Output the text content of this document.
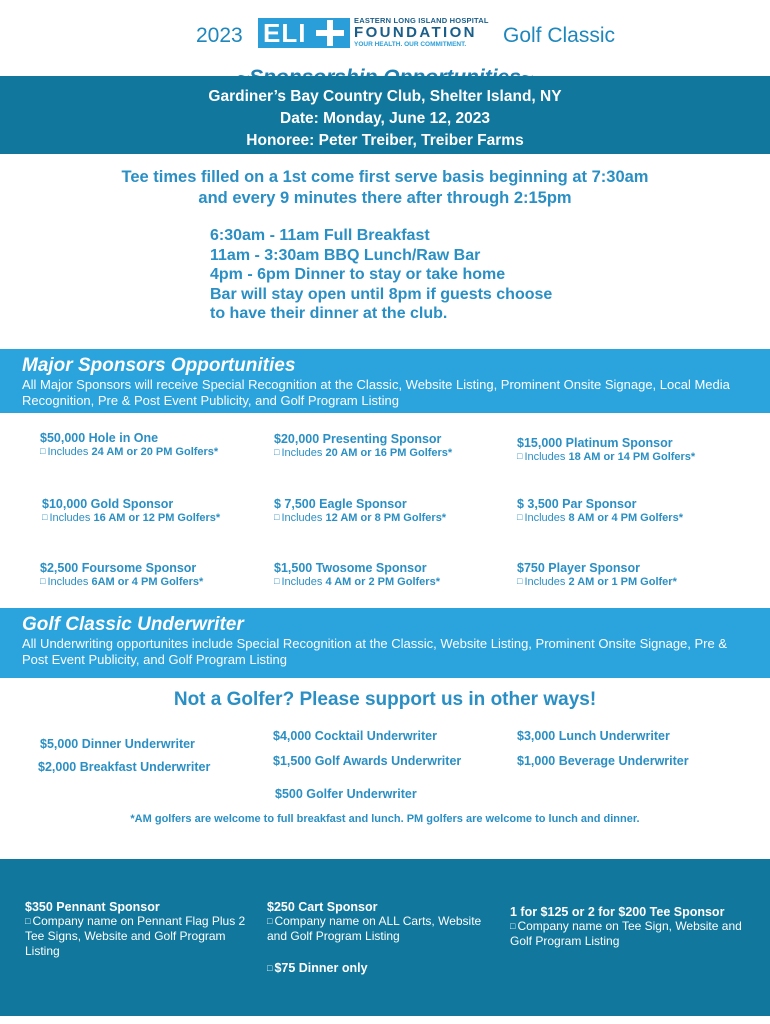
2023 ELI	EASTERN LONG ISLAND HOSPITAL
FOUNDATION
YOUR HEALTH. OUR COMMITMENT.	Golf Classic
Gardiner’s Bay Country Club, Shelter Island, NY
Date: Monday, June 12, 2023
Honoree: Peter Treiber, Treiber Farms
Tee times filled on a 1st come first serve basis beginning at 7:30am
and every 9 minutes there after through 2:15pm
6:30am - 11am Full Breakfast
11am - 3:30am BBQ Lunch/Raw Bar
4pm - 6pm Dinner to stay or take home
Bar will stay open until 8pm if guests choose
to have their dinner at the club.
Major Sponsors Opportunities
All Major Sponsors will receive Special Recognition at the Classic, Website Listing, Prominent Onsite Signage, Local Media Recognition, Pre & Post Event Publicity, and Golf Program Listing
$50,000 Hole in One
□ Includes 24 AM or 20 PM Golfers*
$20,000 Presenting Sponsor
□ Includes 20 AM or 16 PM Golfers*
$15,000 Platinum Sponsor
□ Includes 18 AM or 14 PM Golfers*
$10,000 Gold Sponsor
□ Includes 16 AM or 12 PM Golfers*
$ 7,500 Eagle Sponsor
□ Includes 12 AM or 8 PM Golfers*
$ 3,500 Par Sponsor
□ Includes 8 AM or 4 PM Golfers*
$2,500 Foursome Sponsor
□ Includes 6AM or 4 PM Golfers*
$1,500 Twosome Sponsor
□ Includes 4 AM or 2 PM Golfers*
$750 Player Sponsor
□ Includes 2 AM or 1 PM Golfer*
Golf Classic Underwriter
All Underwriting opportunites include Special Recognition at the Classic, Website Listing, Prominent Onsite Signage, Pre & Post Event Publicity, and Golf Program Listing
Not a Golfer? Please support us in other ways!
$5,000 Dinner Underwriter
$2,000 Breakfast Underwriter
$4,000 Cocktail Underwriter
$1,500 Golf Awards Underwriter
$3,000 Lunch Underwriter
$1,000 Beverage Underwriter
$500 Golfer Underwriter
*AM golfers are welcome to full breakfast and lunch. PM golfers are welcome to lunch and dinner.
$350 Pennant Sponsor
□ Company name on Pennant Flag Plus 2 Tee Signs, Website and Golf Program Listing
$250 Cart Sponsor
□ Company name on ALL Carts, Website and Golf Program Listing
□ $75 Dinner only
1 for $125 or 2 for $200 Tee Sponsor
□ Company name on Tee Sign, Website and Golf Program Listing
